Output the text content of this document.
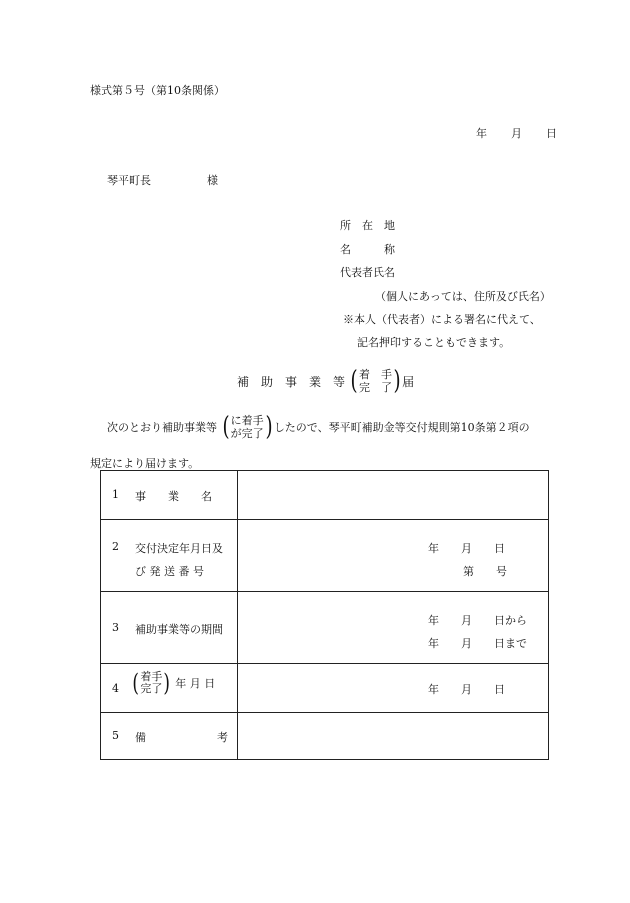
様式第５号（第10条関係）
年 月 日
琴平町長	様
所　在　地
名　　　称
代表者氏名
（個人にあっては、住所及び氏名）
※本人（代表者）による署名に代えて、
記名押印することもできます。
補　助　事　業　等 ( 着　手
完　了) 届
次のとおり補助事業等 ( に着手
が完了) したので、琴平町補助金等交付規則第10条第２項の
規定により届けます。
1 事　　業　　名	

2 交付決定年月日及
び 発 送 番 号	年　　月　　日
第　　号

3 補助事業等の期間	年　　月　　日から
年　　月　　日まで

4 (着手
完了) 年 月 日	年　　月　　日

5 備 考	
